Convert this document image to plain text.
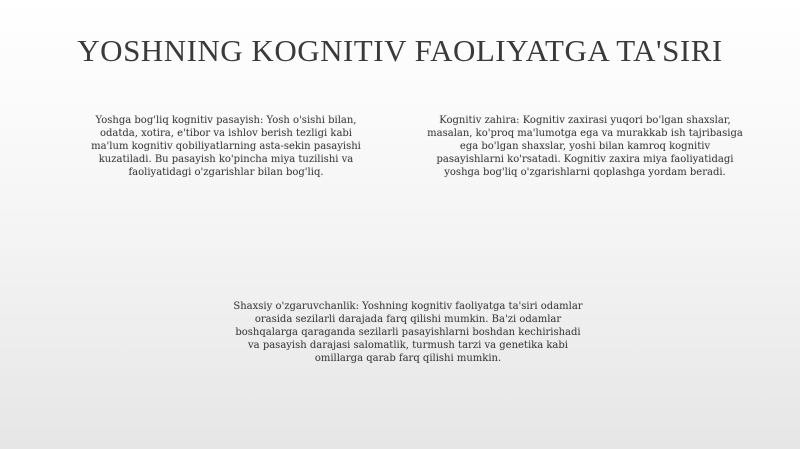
YOSHNING KOGNITIV FAOLIYATGA TA'SIRI

Yoshga bog'liq kognitiv pasayish: Yosh o'sishi bilan, odatda, xotira, e'tibor va ishlov berish tezligi kabi ma'lum kognitiv qobiliyatlarning asta-sekin pasayishi kuzatiladi. Bu pasayish ko'pincha miya tuzilishi va faoliyatidagi o'zgarishlar bilan bog'liq.

Kognitiv zahira: Kognitiv zaxirasi yuqori bo'lgan shaxslar, masalan, ko'proq ma'lumotga ega va murakkab ish tajribasiga ega bo'lgan shaxslar, yoshi bilan kamroq kognitiv pasayishlarni ko'rsatadi. Kognitiv zaxira miya faoliyatidagi yoshga bog'liq o'zgarishlarni qoplashga yordam beradi.

Shaxsiy o'zgaruvchanlik: Yoshning kognitiv faoliyatga ta'siri odamlar orasida sezilarli darajada farq qilishi mumkin. Ba'zi odamlar boshqalarga qaraganda sezilarli pasayishlarni boshdan kechirishadi va pasayish darajasi salomatlik, turmush tarzi va genetika kabi omillarga qarab farq qilishi mumkin.
